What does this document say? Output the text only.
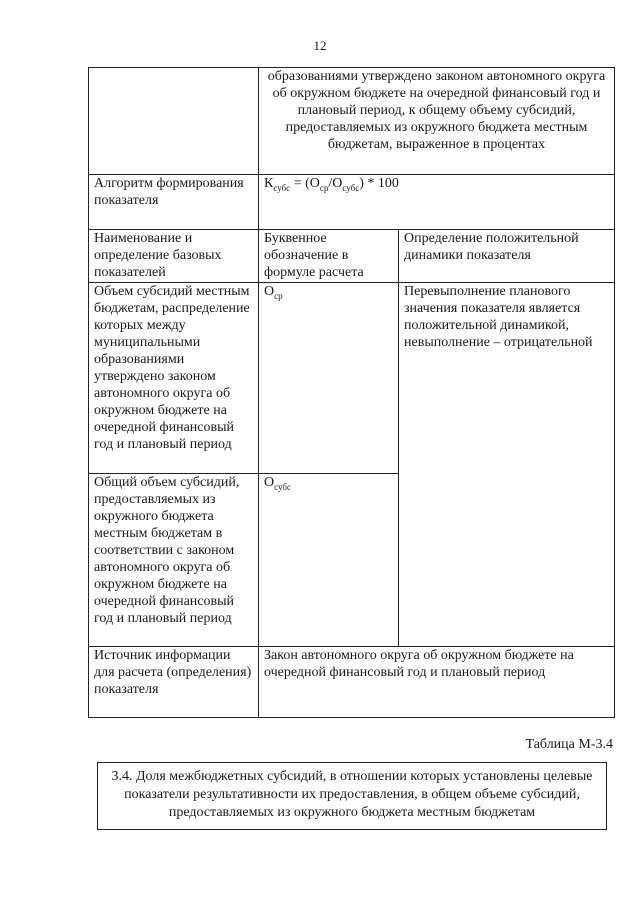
12
	образованиями утверждено законом автономного округа об окружном бюджете на очередной финансовый год и плановый период, к общему объему субсидий, предоставляемых из окружного бюджета местным бюджетам, выраженное в процентах	
Алгоритм формирования показателя	$К_{субс} = (О_{ср}/О_{субс}) * 100$	
Наименование и определение базовых показателей	Буквенное обозначение в формуле расчета	Определение положительной динамики показателя
Объем субсидий местным бюджетам, распределение которых между муниципальными образованиями утверждено законом автономного округа об окружном бюджете на очередной финансовый год и плановый период	$О_{ср}$	Перевыполнение планового значения показателя является положительной динамикой, невыполнение – отрицательной
Общий объем субсидий, предоставляемых из окружного бюджета местным бюджетам в соответствии с законом автономного округа об окружном бюджете на очередной финансовый год и плановый период	$О_{субс}$
Источник информации для расчета (определения) показателя	Закон автономного округа об окружном бюджете на очередной финансовый год и плановый период	
Таблица М-3.4
3.4. Доля межбюджетных субсидий, в отношении которых установлены целевые показатели результативности их предоставления, в общем объеме субсидий, предоставляемых из окружного бюджета местным бюджетам
